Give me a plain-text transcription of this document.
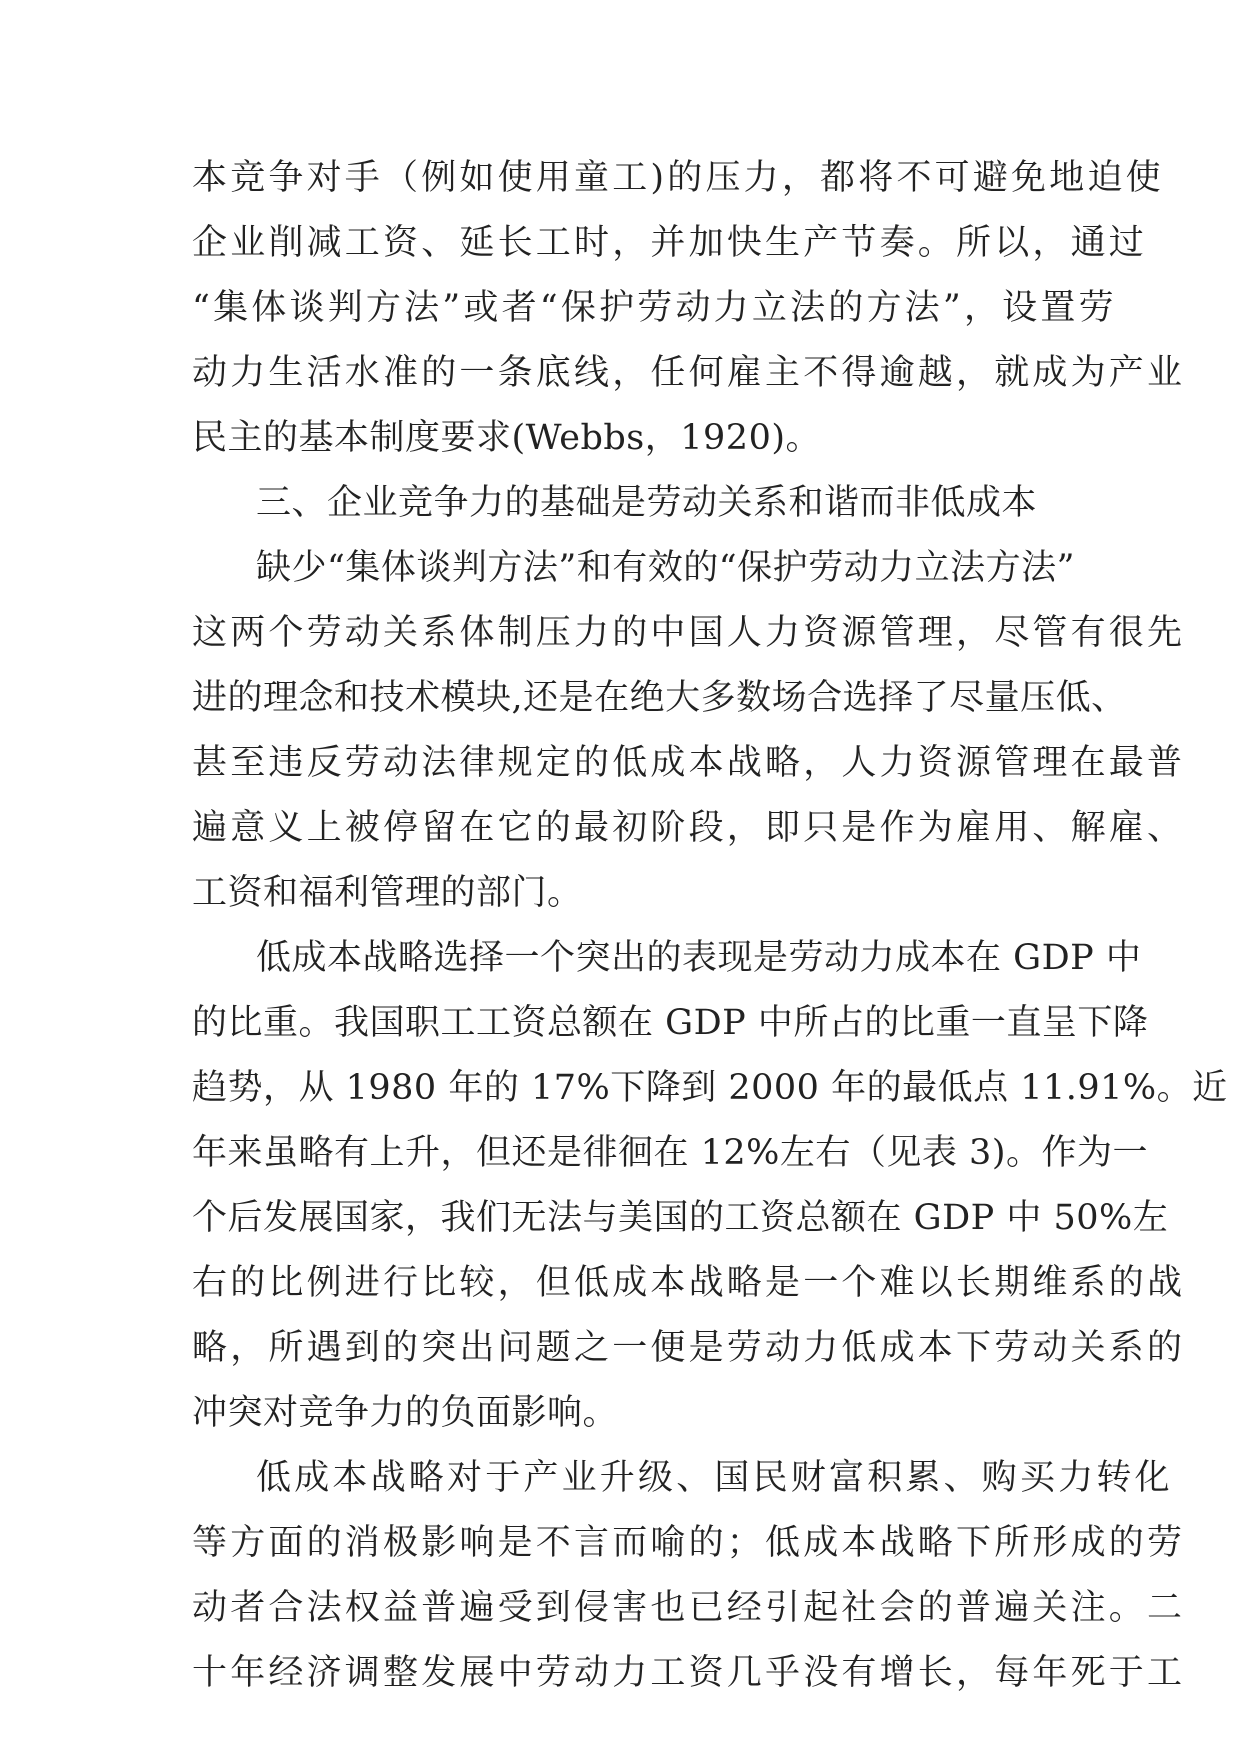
本竞争对手（例如使用童工)的压力，都将不可避免地迫使
企业削减工资、延长工时，并加快生产节奏。所以，通过
“集体谈判方法”或者“保护劳动力立法的方法”，设置劳
动力生活水准的一条底线，任何雇主不得逾越，就成为产业
民主的基本制度要求(Webbs，1920)。
三、企业竞争力的基础是劳动关系和谐而非低成本
缺少“集体谈判方法”和有效的“保护劳动力立法方法”
这两个劳动关系体制压力的中国人力资源管理，尽管有很先
进的理念和技术模块,还是在绝大多数场合选择了尽量压低、
甚至违反劳动法律规定的低成本战略，人力资源管理在最普
遍意义上被停留在它的最初阶段，即只是作为雇用、解雇、
工资和福利管理的部门。
低成本战略选择一个突出的表现是劳动力成本在 GDP 中
的比重。我国职工工资总额在 GDP 中所占的比重一直呈下降
趋势，从 1980 年的 17%下降到 2000 年的最低点 11.91%。近
年来虽略有上升，但还是徘徊在 12%左右（见表 3)。作为一
个后发展国家，我们无法与美国的工资总额在 GDP 中 50%左
右的比例进行比较，但低成本战略是一个难以长期维系的战
略，所遇到的突出问题之一便是劳动力低成本下劳动关系的
冲突对竞争力的负面影响。
低成本战略对于产业升级、国民财富积累、购买力转化
等方面的消极影响是不言而喻的；低成本战略下所形成的劳
动者合法权益普遍受到侵害也已经引起社会的普遍关注。二
十年经济调整发展中劳动力工资几乎没有增长，每年死于工
